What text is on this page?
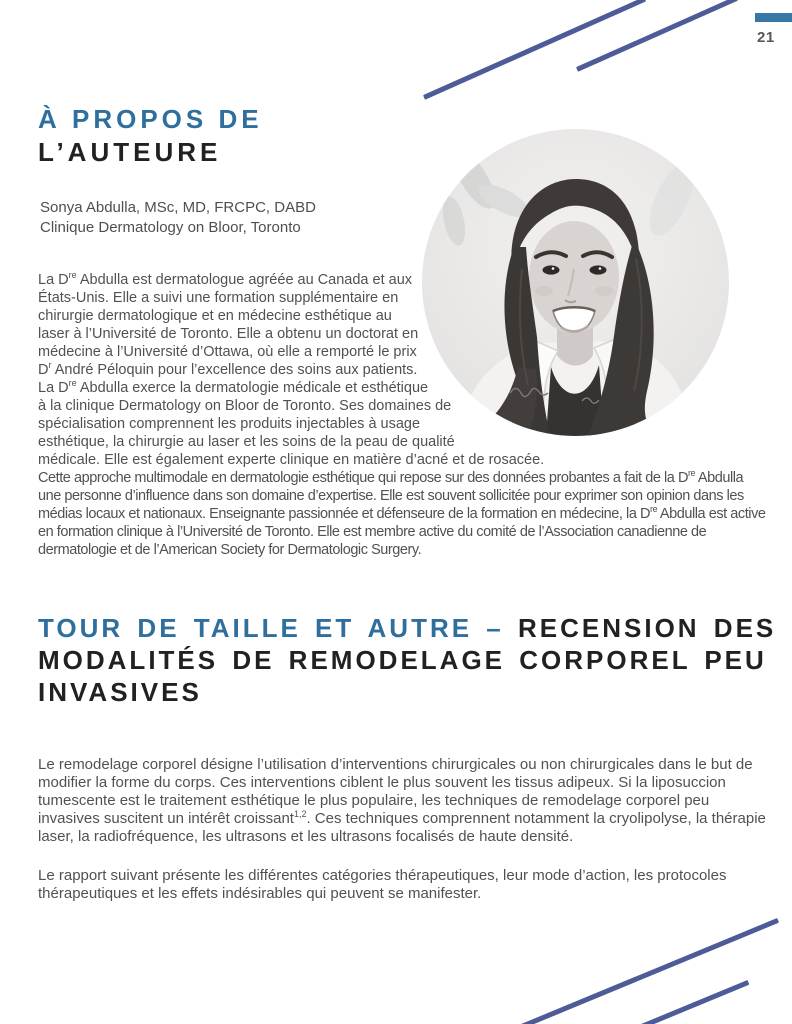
21
À PROPOS DE
L’AUTEURE
Sonya Abdulla, MSc, MD, FRCPC, DABD
Clinique Dermatology on Bloor, Toronto

La Dre Abdulla est dermatologue agréée au Canada et aux États-Unis. Elle a suivi une formation supplémentaire en chirurgie dermatologique et en médecine esthétique au laser à l’Université de Toronto. Elle a obtenu un doctorat en médecine à l’Université d’Ottawa, où elle a remporté le prix D$^r$ André Péloquin pour l’excellence des soins aux patients. La Dre Abdulla exerce la dermatologie médicale et esthétique à la clinique Dermatology on Bloor de Toronto. Ses domaines de spécialisation comprennent les produits injectables à usage esthétique, la chirurgie au laser et les soins de la peau de qualité médicale. Elle est également experte clinique en matière d’acné et de rosacée.

Cette approche multimodale en dermatologie esthétique qui repose sur des données probantes a fait de la Dre Abdulla une personne d’influence dans son domaine d’expertise. Elle est souvent sollicitée pour exprimer son opinion dans les médias locaux et nationaux. Enseignante passionnée et défenseure de la formation en médecine, la Dre Abdulla est active en formation clinique à l’Université de Toronto. Elle est membre active du comité de l’Association canadienne de dermatologie et de l’American Society for Dermatologic Surgery.

TOUR DE TAILLE ET AUTRE – RECENSION DES MODALITÉS DE REMODELAGE CORPOREL PEU INVASIVES

Le remodelage corporel désigne l’utilisation d’interventions chirurgicales ou non chirurgicales dans le but de modifier la forme du corps. Ces interventions ciblent le plus souvent les tissus adipeux. Si la liposuccion tumescente est le traitement esthétique le plus populaire, les techniques de remodelage corporel peu invasives suscitent un intérêt croissant$^{1,2}$. Ces techniques comprennent notamment la cryolipolyse, la thérapie laser, la radiofréquence, les ultrasons et les ultrasons focalisés de haute densité.

Le rapport suivant présente les différentes catégories thérapeutiques, leur mode d’action, les protocoles thérapeutiques et les effets indésirables qui peuvent se manifester.
